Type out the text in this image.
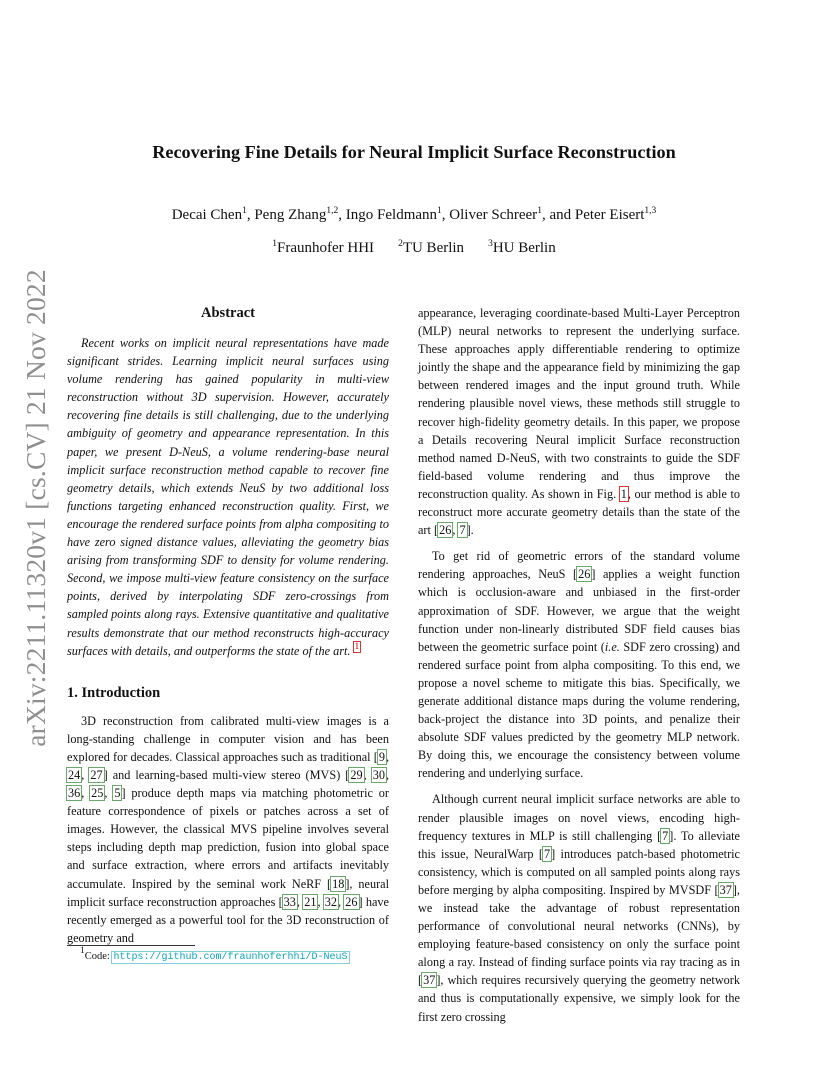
arXiv:2211.11320v1 [cs.CV] 21 Nov 2022
Recovering Fine Details for Neural Implicit Surface Reconstruction
Decai Chen$^1$, Peng Zhang$^{1,2}$, Ingo Feldmann$^1$, Oliver Schreer$^1$, and Peter Eisert$^{1,3}$
$^1$Fraunhofer HHI	$^2$TU Berlin	$^3$HU Berlin
Abstract

Recent works on implicit neural representations have made significant strides. Learning implicit neural surfaces using volume rendering has gained popularity in multi-view reconstruction without 3D supervision. However, accurately recovering fine details is still challenging, due to the underlying ambiguity of geometry and appearance representation. In this paper, we present D-NeuS, a volume rendering-base neural implicit surface reconstruction method capable to recover fine geometry details, which extends NeuS by two additional loss functions targeting enhanced reconstruction quality. First, we encourage the rendered surface points from alpha compositing to have zero signed distance values, alleviating the geometry bias arising from transforming SDF to density for volume rendering. Second, we impose multi-view feature consistency on the surface points, derived by interpolating SDF zero-crossings from sampled points along rays. Extensive quantitative and qualitative results demonstrate that our method reconstructs high-accuracy surfaces with details, and outperforms the state of the art. $^1$

1. Introduction

3D reconstruction from calibrated multi-view images is a long-standing challenge in computer vision and has been explored for decades. Classical approaches such as traditional [9, 24, 27] and learning-based multi-view stereo (MVS) [29, 30, 36, 25, 5] produce depth maps via matching photometric or feature correspondence of pixels or patches across a set of images. However, the classical MVS pipeline involves several steps including depth map prediction, fusion into global space and surface extraction, where errors and artifacts inevitably accumulate. Inspired by the seminal work NeRF [18], neural implicit surface reconstruction approaches [33, 21, 32, 26] have recently emerged as a powerful tool for the 3D reconstruction of geometry and

appearance, leveraging coordinate-based Multi-Layer Perceptron (MLP) neural networks to represent the underlying surface. These approaches apply differentiable rendering to optimize jointly the shape and the appearance field by minimizing the gap between rendered images and the input ground truth. While rendering plausible novel views, these methods still struggle to recover high-fidelity geometry details. In this paper, we propose a Details recovering Neural implicit Surface reconstruction method named D-NeuS, with two constraints to guide the SDF field-based volume rendering and thus improve the reconstruction quality. As shown in Fig. 1, our method is able to reconstruct more accurate geometry details than the state of the art [26, 7].

To get rid of geometric errors of the standard volume rendering approaches, NeuS [26] applies a weight function which is occlusion-aware and unbiased in the first-order approximation of SDF. However, we argue that the weight function under non-linearly distributed SDF field causes bias between the geometric surface point (i.e. SDF zero crossing) and rendered surface point from alpha compositing. To this end, we propose a novel scheme to mitigate this bias. Specifically, we generate additional distance maps during the volume rendering, back-project the distance into 3D points, and penalize their absolute SDF values predicted by the geometry MLP network. By doing this, we encourage the consistency between volume rendering and underlying surface.

Although current neural implicit surface networks are able to render plausible images on novel views, encoding high-frequency textures in MLP is still challenging [7]. To alleviate this issue, NeuralWarp [7] introduces patch-based photometric consistency, which is computed on all sampled points along rays before merging by alpha compositing. Inspired by MVSDF [37], we instead take the advantage of robust representation performance of convolutional neural networks (CNNs), by employing feature-based consistency on only the surface point along a ray. Instead of finding surface points via ray tracing as in [37], which requires recursively querying the geometry network and thus is computationally expensive, we simply look for the first zero crossing

$^1$Code: https://github.com/fraunhoferhhi/D-NeuS
